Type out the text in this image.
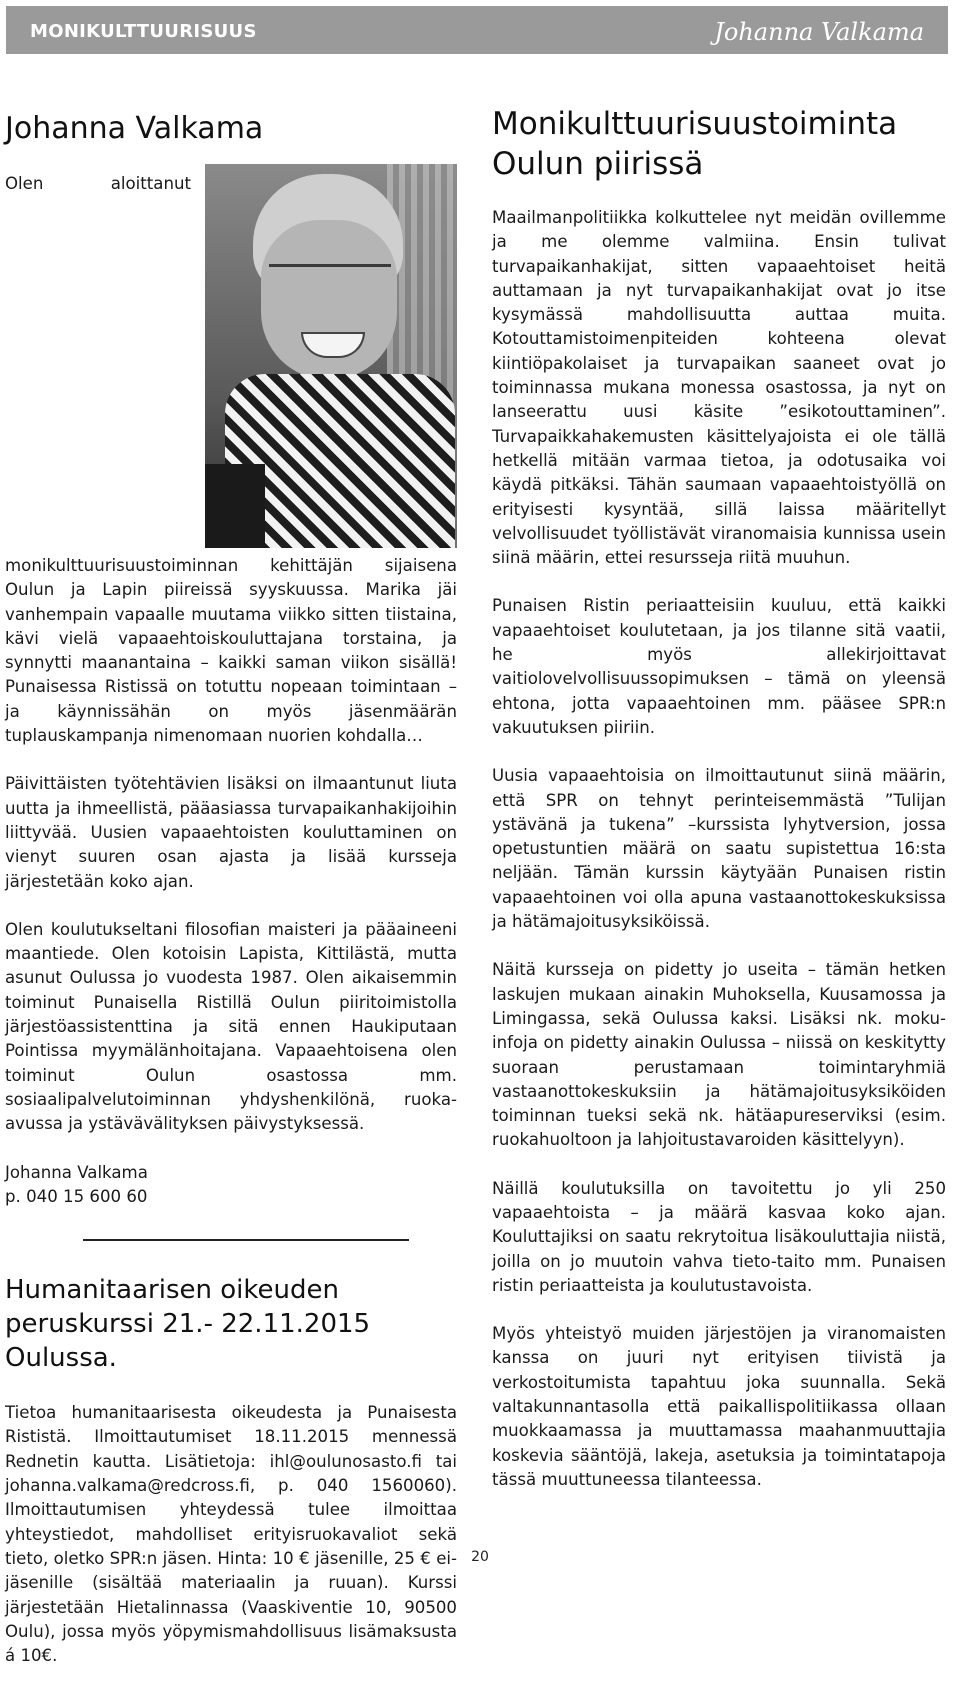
MONIKULTTUURISUUS	Johanna Valkama
Johanna Valkama

Olen aloittanut monikulttuurisuustoiminnan kehittäjän sijaisena Oulun ja Lapin piireissä syyskuussa. Marika jäi vanhempain vapaalle muutama viikko sitten tiistaina, kävi vielä vapaaehtoiskouluttajana torstaina, ja synnytti maanantaina – kaikki saman viikon sisällä! Punaisessa Ristissä on totuttu nopeaan toimintaan – ja käynnissähän on myös jäsenmäärän tuplauskampanja nimenomaan nuorien kohdalla…

Päivittäisten työtehtävien lisäksi on ilmaantunut liuta uutta ja ihmeellistä, pääasiassa turvapaikanhakijoihin liittyvää. Uusien vapaaehtoisten kouluttaminen on vienyt suuren osan ajasta ja lisää kursseja järjestetään koko ajan.

Olen koulutukseltani filosofian maisteri ja pääaineeni maantiede. Olen kotoisin Lapista, Kittilästä, mutta asunut Oulussa jo vuodesta 1987. Olen aikaisemmin toiminut Punaisella Ristillä Oulun piiritoimistolla järjestöassistenttina ja sitä ennen Haukiputaan Pointissa myymälänhoitajana. Vapaaehtoisena olen toiminut Oulun osastossa mm. sosiaalipalvelutoiminnan yhdyshenkilönä, ruoka-avussa ja ystävävälityksen päivystyksessä.

Johanna Valkama

p. 040 15 600 60

Humanitaarisen oikeuden peruskurssi 21.- 22.11.2015 Oulussa.

Tietoa humanitaarisesta oikeudesta ja Punaisesta Rististä. Ilmoittautumiset 18.11.2015 mennessä Rednetin kautta. Lisätietoja: ihl@oulunosasto.fi tai johanna.valkama@redcross.fi, p. 040 1560060). Ilmoittautumisen yhteydessä tulee ilmoittaa yhteystiedot, mahdolliset erityisruokavaliot sekä tieto, oletko SPR:n jäsen. Hinta: 10 € jäsenille, 25 € ei-jäsenille (sisältää materiaalin ja ruuan). Kurssi järjestetään Hietalinnassa (Vaaskiventie 10, 90500 Oulu), jossa myös yöpymismahdollisuus lisämaksusta á 10€.

Monikulttuurisuustoiminta Oulun piirissä

Maailmanpolitiikka kolkuttelee nyt meidän ovillemme ja me olemme valmiina. Ensin tulivat turvapaikanhakijat, sitten vapaaehtoiset heitä auttamaan ja nyt turvapaikanhakijat ovat jo itse kysymässä mahdollisuutta auttaa muita. Kotouttamistoimenpiteiden kohteena olevat kiintiöpakolaiset ja turvapaikan saaneet ovat jo toiminnassa mukana monessa osastossa, ja nyt on lanseerattu uusi käsite ”esikotouttaminen”. Turvapaikkahakemusten käsittelyajoista ei ole tällä hetkellä mitään varmaa tietoa, ja odotusaika voi käydä pitkäksi. Tähän saumaan vapaaehtoistyöllä on erityisesti kysyntää, sillä laissa määritellyt velvollisuudet työllistävät viranomaisia kunnissa usein siinä määrin, ettei resursseja riitä muuhun.

Punaisen Ristin periaatteisiin kuuluu, että kaikki vapaaehtoiset koulutetaan, ja jos tilanne sitä vaatii, he myös allekirjoittavat vaitiolovelvollisuussopimuksen – tämä on yleensä ehtona, jotta vapaaehtoinen mm. pääsee SPR:n vakuutuksen piiriin.

Uusia vapaaehtoisia on ilmoittautunut siinä määrin, että SPR on tehnyt perinteisemmästä ”Tulijan ystävänä ja tukena” –kurssista lyhytversion, jossa opetustuntien määrä on saatu supistettua 16:sta neljään. Tämän kurssin käytyään Punaisen ristin vapaaehtoinen voi olla apuna vastaanottokeskuksissa ja hätämajoitusyksiköissä.

Näitä kursseja on pidetty jo useita – tämän hetken laskujen mukaan ainakin Muhoksella, Kuusamossa ja Limingassa, sekä Oulussa kaksi. Lisäksi nk. moku-infoja on pidetty ainakin Oulussa – niissä on keskitytty suoraan perustamaan toimintaryhmiä vastaanottokeskuksiin ja hätämajoitusyksiköiden toiminnan tueksi sekä nk. hätäapureserviksi (esim. ruokahuoltoon ja lahjoitustavaroiden käsittelyyn).

Näillä koulutuksilla on tavoitettu jo yli 250 vapaaehtoista – ja määrä kasvaa koko ajan. Kouluttajiksi on saatu rekrytoitua lisäkouluttajia niistä, joilla on jo muutoin vahva tieto-taito mm. Punaisen ristin periaatteista ja koulutustavoista.

Myös yhteistyö muiden järjestöjen ja viranomaisten kanssa on juuri nyt erityisen tiivistä ja verkostoitumista tapahtuu joka suunnalla. Sekä valtakunnantasolla että paikallispolitiikassa ollaan muokkaamassa ja muuttamassa maahanmuuttajia koskevia sääntöjä, lakeja, asetuksia ja toimintatapoja tässä muuttuneessa tilanteessa.

20
